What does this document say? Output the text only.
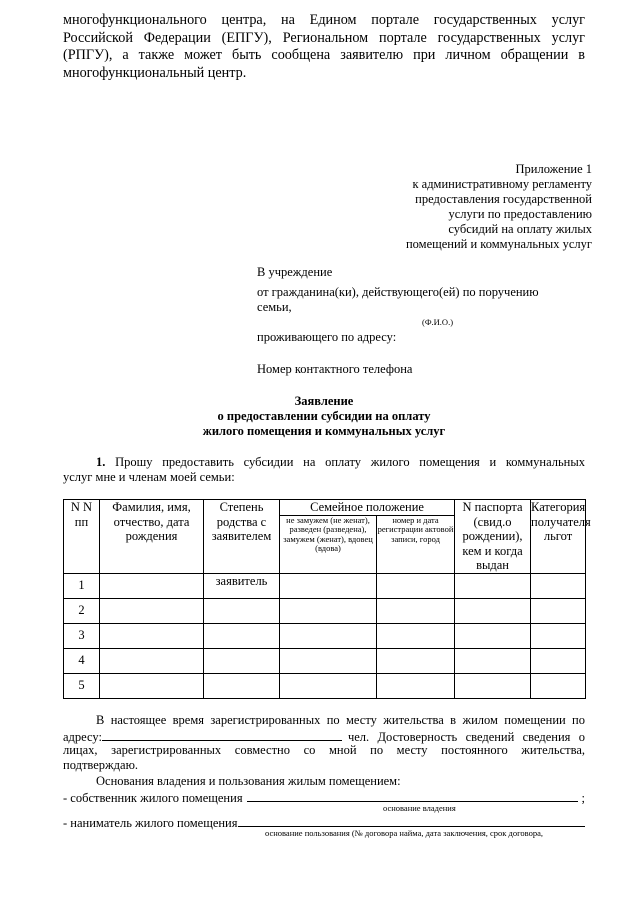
многофункционального центра, на Едином портале государственных услуг Российской Федерации (ЕПГУ), Региональном портале государственных услуг (РПГУ), а также может быть сообщена заявителю при личном обращении в многофункциональный центр.
Приложение 1
к административному регламенту
предоставления государственной
услуги по предоставлению
субсидий на оплату жилых
помещений и коммунальных услуг
В учреждение
от гражданина(ки), действующего(ей) по поручению
семьи,
(Ф.И.О.)
проживающего по адресу:
Номер контактного телефона
Заявление
о предоставлении субсидии на оплату
жилого помещения и коммунальных услуг
1. Прошу предоставить субсидии на оплату жилого помещения и коммунальных
услуг мне и членам моей семьи:
N N пп	Фамилия, имя, отчество, дата рождения	Степень родства с заявителем	Семейное положение		N паспорта (свид.о рождении), кем и когда выдан	Категория получателя льгот
			не замужем (не женат), разведен (разведена), замужем (женат), вдовец (вдова)	номер и дата регистрации актовой записи, город		
1		заявитель				
2						
3						
4						
5						
В настоящее время зарегистрированных по месту жительства в жилом помещении по
адресу:	чел. Достоверность сведений сведения о
лицах, зарегистрированных совместно со мной по месту постоянного жительства,
подтверждаю.
Основания владения и пользования жилым помещением:
- собственник жилого помещения	;
основание владения
- наниматель жилого помещения
основание пользования (№ договора найма, дата заключения, срок договора,
